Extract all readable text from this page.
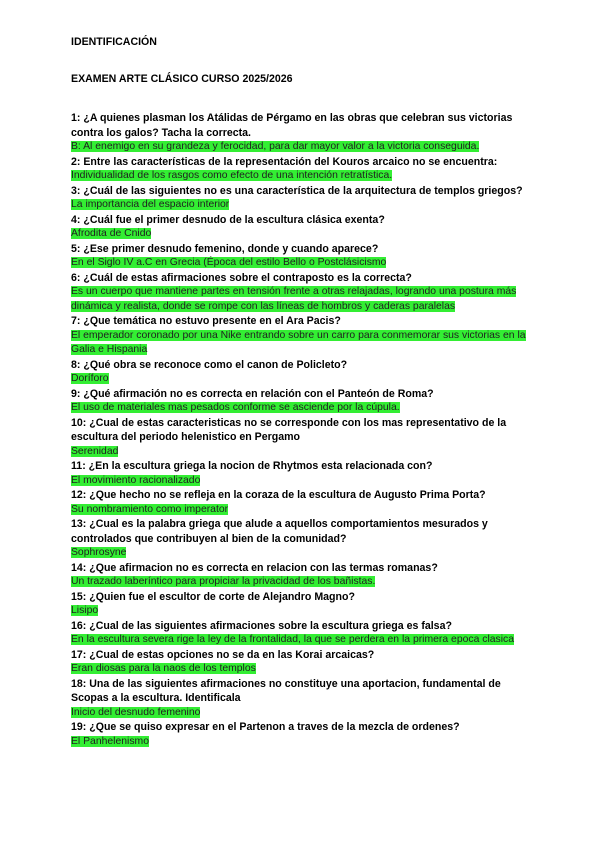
IDENTIFICACIÓN

EXAMEN ARTE CLÁSICO CURSO 2025/2026

1: ¿A quienes plasman los Atálidas de Pérgamo en las obras que celebran sus victorias contra los galos? Tacha la correcta.

B: Al enemigo en su grandeza y ferocidad, para dar mayor valor a la victoria conseguida.

2: Entre las características de la representación del Kouros arcaico no se encuentra:

Individualidad de los rasgos como efecto de una intención retratística.

3: ¿Cuál de las siguientes no es una característica de la arquitectura de templos griegos?

La importancia del espacio interior

4: ¿Cuál fue el primer desnudo de la escultura clásica exenta?

Afrodita de Cnido

5: ¿Ese primer desnudo femenino, donde y cuando aparece?

En el Siglo IV a.C en Grecia (Época del estilo Bello o Postclásicismo

6: ¿Cuál de estas afirmaciones sobre el contraposto es la correcta?

Es un cuerpo que mantiene partes en tensión frente a otras relajadas, logrando una postura más dinámica y realista, donde se rompe con las líneas de hombros y caderas paralelas

7: ¿Que temática no estuvo presente en el Ara Pacis?

El emperador coronado por una Nike entrando sobre un carro para conmemorar sus victorias en la Galia e Hispania

8: ¿Qué obra se reconoce como el canon de Policleto?

Doríforo

9: ¿Qué afirmación no es correcta en relación con el Panteón de Roma?

El uso de materiales mas pesados conforme se asciende por la cúpula.

10: ¿Cual de estas caracteristicas no se corresponde con los mas representativo de la escultura del periodo helenistico en Pergamo

Serenidad

11: ¿En la escultura griega la nocion de Rhytmos esta relacionada con?

El movimiento racionalizado

12: ¿Que hecho no se refleja en la coraza de la escultura de Augusto Prima Porta?

Su nombramiento como imperator

13: ¿Cual es la palabra griega que alude a aquellos comportamientos mesurados y controlados que contribuyen al bien de la comunidad?

Sophrosyne

14: ¿Que afirmacion no es correcta en relacion con las termas romanas?

Un trazado laberíntico para propiciar la privacidad de los bañistas.

15: ¿Quien fue el escultor de corte de Alejandro Magno?

Lisipo

16: ¿Cual de las siguientes afirmaciones sobre la escultura griega es falsa?

En la escultura severa rige la ley de la frontalidad, la que se perdera en la primera epoca clasica

17: ¿Cual de estas opciones no se da en las Korai arcaicas?

Eran diosas para la naos de los templos

18: Una de las siguientes afirmaciones no constituye una aportacion, fundamental de Scopas a la escultura. Identificala

Inicio del desnudo femenino

19: ¿Que se quiso expresar en el Partenon a traves de la mezcla de ordenes?

El Panhelenismo
